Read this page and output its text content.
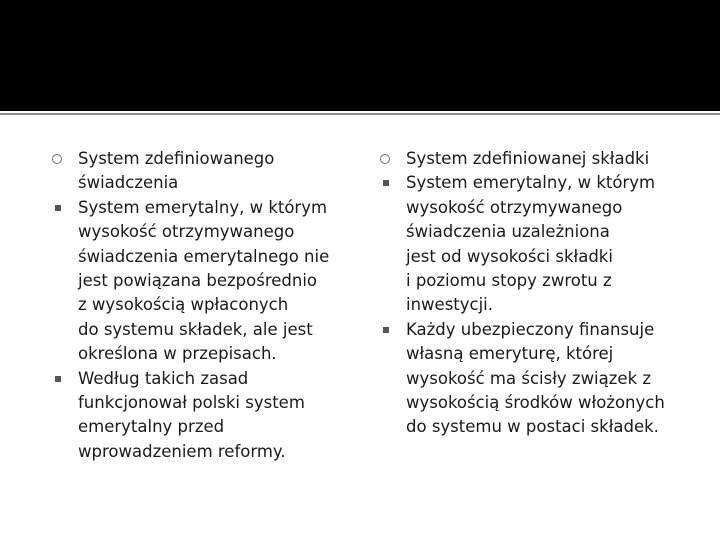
System zdefiniowanego
świadczenia

System emerytalny, w którym
wysokość otrzymywanego
świadczenia emerytalnego nie
jest powiązana bezpośrednio
z wysokością wpłaconych
do systemu składek, ale jest
określona w przepisach.

Według takich zasad
funkcjonował polski system
emerytalny przed
wprowadzeniem reformy.

System zdefiniowanej składki

System emerytalny, w którym
wysokość otrzymywanego
świadczenia uzależniona
jest od wysokości składki
i poziomu stopy zwrotu z
inwestycji.

Każdy ubezpieczony finansuje
własną emeryturę, której
wysokość ma ścisły związek z
wysokością środków włożonych
do systemu w postaci składek.
